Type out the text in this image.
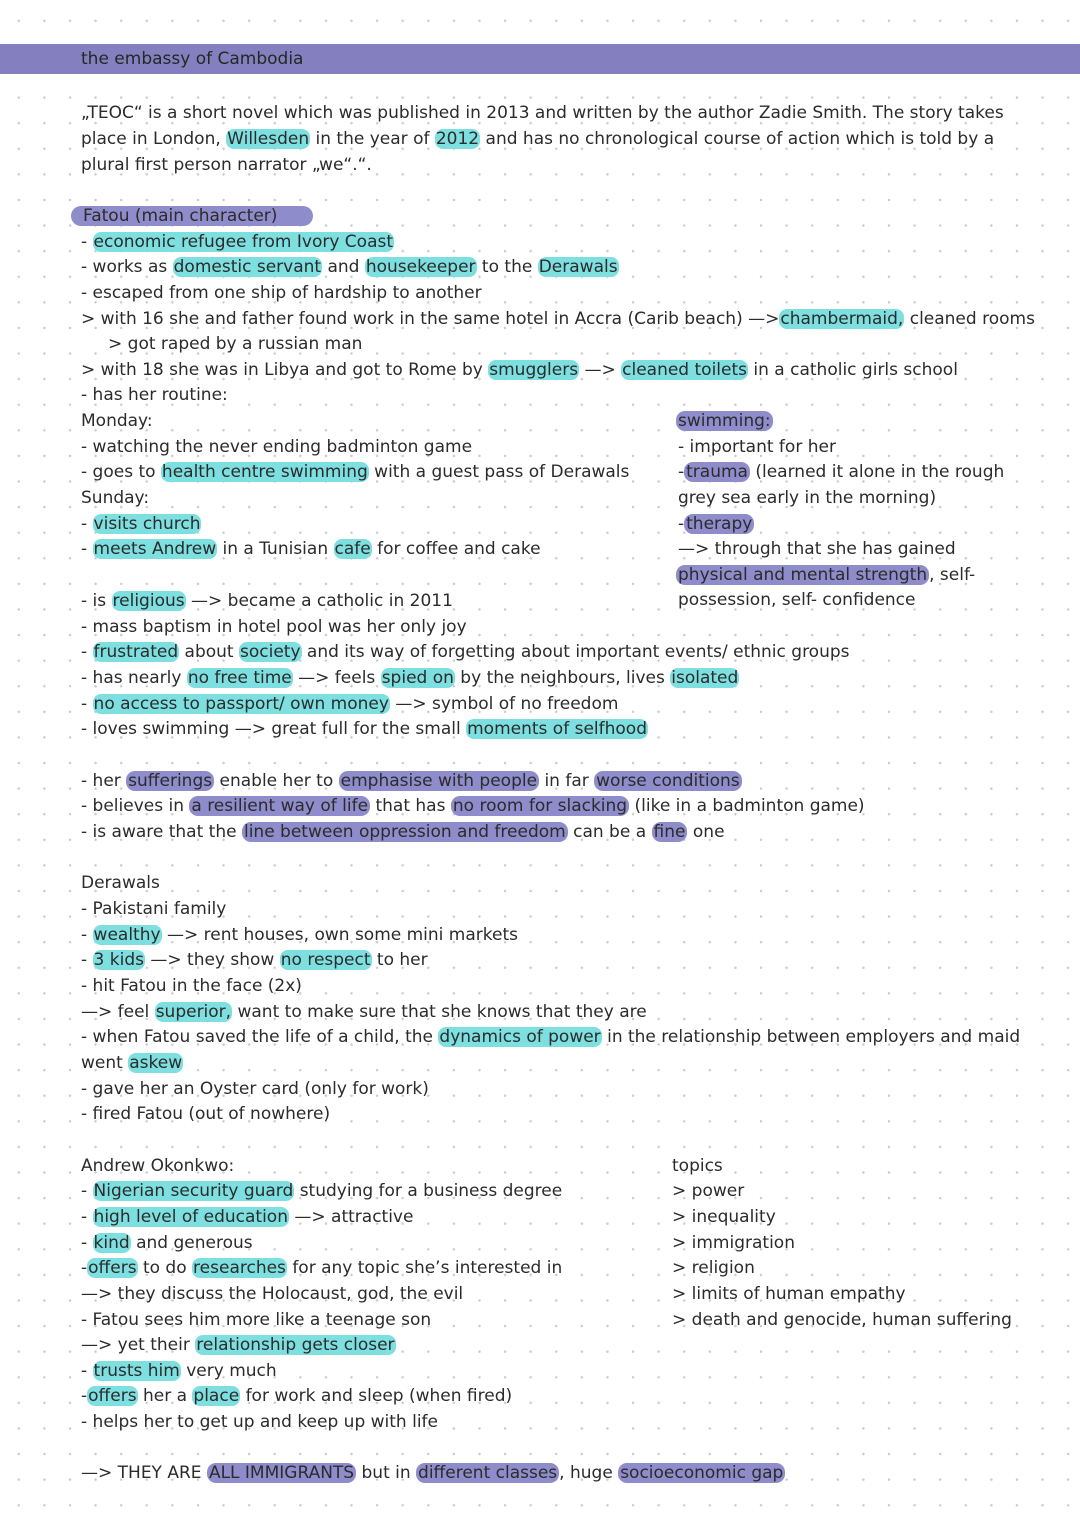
the embassy of Cambodia
„TEOC“ is a short novel which was published in 2013 and written by the author Zadie Smith. The story takes
place in London, Willesden in the year of 2012 and has no chronological course of action which is told by a
plural first person narrator „we“.“.
Fatou (main character)
- economic refugee from Ivory Coast
- works as domestic servant and housekeeper to the Derawals
- escaped from one ship of hardship to another
> with 16 she and father found work in the same hotel in Accra (Carib beach) —>chambermaid, cleaned rooms
> got raped by a russian man
> with 18 she was in Libya and got to Rome by smugglers —> cleaned toilets in a catholic girls school
- has her routine:
Monday:
- watching the never ending badminton game
- goes to health centre swimming with a guest pass of Derawals
Sunday:
- visits church
- meets Andrew in a Tunisian cafe for coffee and cake
swimming:
- important for her
- trauma (learned it alone in the rough
grey sea early in the morning)
- therapy
—> through that she has gained
physical and mental strength , self-
possession, self- confidence
- is religious —> became a catholic in 2011
- mass baptism in hotel pool was her only joy
- frustrated about society and its way of forgetting about important events/ ethnic groups
- has nearly no free time —> feels spied on by the neighbours, lives isolated
- no access to passport/ own money —> symbol of no freedom
- loves swimming —> great full for the small moments of selfhood
- her sufferings enable her to emphasise with people in far worse conditions
- believes in a resilient way of life that has no room for slacking (like in a badminton game)
- is aware that the line between oppression and freedom can be a fine one
Derawals
- Pakistani family
- wealthy —> rent houses, own some mini markets
- 3 kids —> they show no respect to her
- hit Fatou in the face (2x)
—> feel superior, want to make sure that she knows that they are
- when Fatou saved the life of a child, the dynamics of power in the relationship between employers and maid
went askew
- gave her an Oyster card (only for work)
- fired Fatou (out of nowhere)
Andrew Okonkwo:
- Nigerian security guard studying for a business degree
- high level of education —> attractive
- kind and generous
-offers to do researches for any topic she’s interested in
—> they discuss the Holocaust, god, the evil
- Fatou sees him more like a teenage son
—> yet their relationship gets closer
- trusts him very much
-offers her a place for work and sleep (when fired)
- helps her to get up and keep up with life
topics
> power
> inequality
> immigration
> religion
> limits of human empathy
> death and genocide, human suffering
—> THEY ARE ALL IMMIGRANTS but in different classes , huge socioeconomic gap
